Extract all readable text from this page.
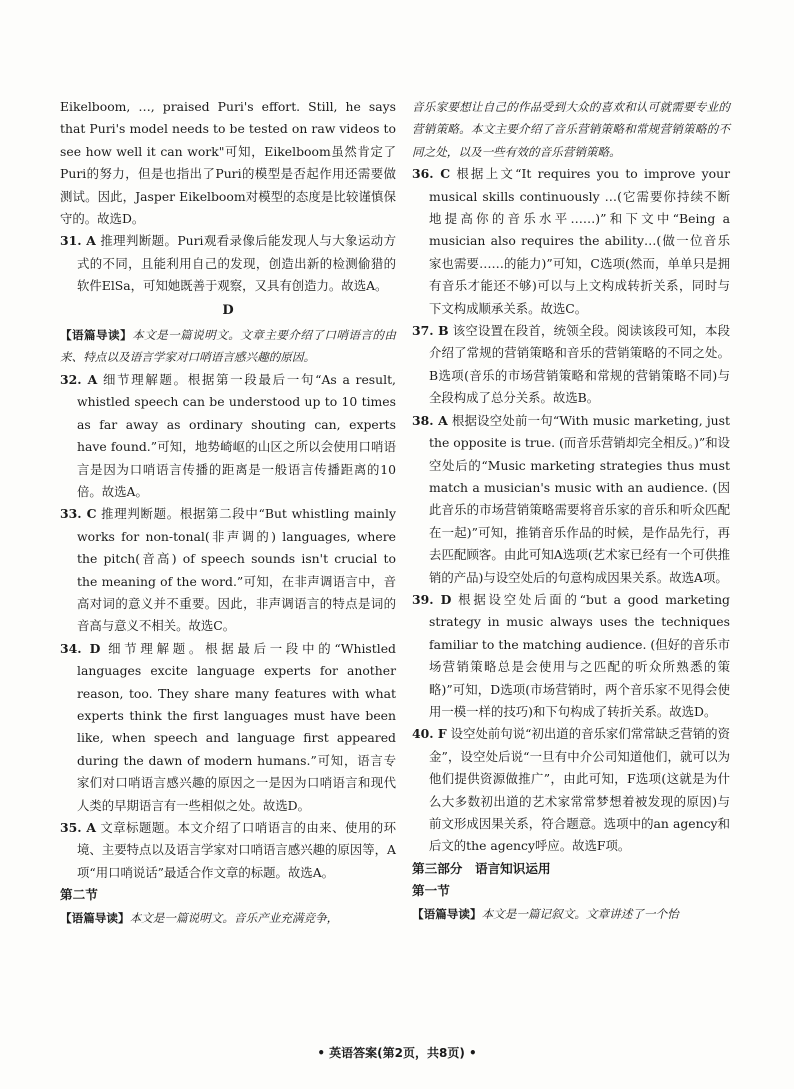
Eikelboom, …, praised Puri's effort. Still, he says that Puri's model needs to be tested on raw videos to see how well it can work"可知，Eikelboom虽然肯定了Puri的努力，但是也指出了Puri的模型是否起作用还需要做测试。因此，Jasper Eikelboom对模型的态度是比较谨慎保守的。故选D。

31. A 推理判断题。Puri观看录像后能发现人与大象运动方式的不同，且能利用自己的发现，创造出新的检测偷猎的软件ElSa，可知她既善于观察，又具有创造力。故选A。

D

【语篇导读】本文是一篇说明文。文章主要介绍了口哨语言的由来、特点以及语言学家对口哨语言感兴趣的原因。

32. A 细节理解题。根据第一段最后一句“As a result, whistled speech can be understood up to 10 times as far away as ordinary shouting can, experts have found.”可知，地势崎岖的山区之所以会使用口哨语言是因为口哨语言传播的距离是一般语言传播距离的10倍。故选A。

33. C 推理判断题。根据第二段中“But whistling mainly works for non-tonal(非声调的) languages, where the pitch(音高) of speech sounds isn't crucial to the meaning of the word.”可知，在非声调语言中，音高对词的意义并不重要。因此，非声调语言的特点是词的音高与意义不相关。故选C。

34. D 细节理解题。根据最后一段中的“Whistled languages excite language experts for another reason, too. They share many features with what experts think the first languages must have been like, when speech and language first appeared during the dawn of modern humans.”可知，语言专家们对口哨语言感兴趣的原因之一是因为口哨语言和现代人类的早期语言有一些相似之处。故选D。

35. A 文章标题题。本文介绍了口哨语言的由来、使用的环境、主要特点以及语言学家对口哨语言感兴趣的原因等，A项“用口哨说话”最适合作文章的标题。故选A。

第二节

【语篇导读】本文是一篇说明文。音乐产业充满竞争，

音乐家要想让自己的作品受到大众的喜欢和认可就需要专业的营销策略。本文主要介绍了音乐营销策略和常规营销策略的不同之处，以及一些有效的音乐营销策略。

36. C 根据上文“It requires you to improve your musical skills continuously …(它需要你持续不断地提高你的音乐水平……)”和下文中“Being a musician also requires the ability…(做一位音乐家也需要……的能力)”可知，C选项(然而，单单只是拥有音乐才能还不够)可以与上文构成转折关系，同时与下文构成顺承关系。故选C。

37. B 该空设置在段首，统领全段。阅读该段可知，本段介绍了常规的营销策略和音乐的营销策略的不同之处。B选项(音乐的市场营销策略和常规的营销策略不同)与全段构成了总分关系。故选B。

38. A 根据设空处前一句“With music marketing, just the opposite is true. (而音乐营销却完全相反。)”和设空处后的“Music marketing strategies thus must match a musician's music with an audience. (因此音乐的市场营销策略需要将音乐家的音乐和听众匹配在一起)”可知，推销音乐作品的时候，是作品先行，再去匹配顾客。由此可知A选项(艺术家已经有一个可供推销的产品)与设空处后的句意构成因果关系。故选A项。

39. D 根据设空处后面的“but a good marketing strategy in music always uses the techniques familiar to the matching audience. (但好的音乐市场营销策略总是会使用与之匹配的听众所熟悉的策略)”可知，D选项(市场营销时，两个音乐家不见得会使用一模一样的技巧)和下句构成了转折关系。故选D。

40. F 设空处前句说“初出道的音乐家们常常缺乏营销的资金”，设空处后说“一旦有中介公司知道他们，就可以为他们提供资源做推广”，由此可知，F选项(这就是为什么大多数初出道的艺术家常常梦想着被发现的原因)与前文形成因果关系，符合题意。选项中的an agency和后文的the agency呼应。故选F项。

第三部分　语言知识运用

第一节

【语篇导读】本文是一篇记叙文。文章讲述了一个怡

• 英语答案(第2页，共8页) •
